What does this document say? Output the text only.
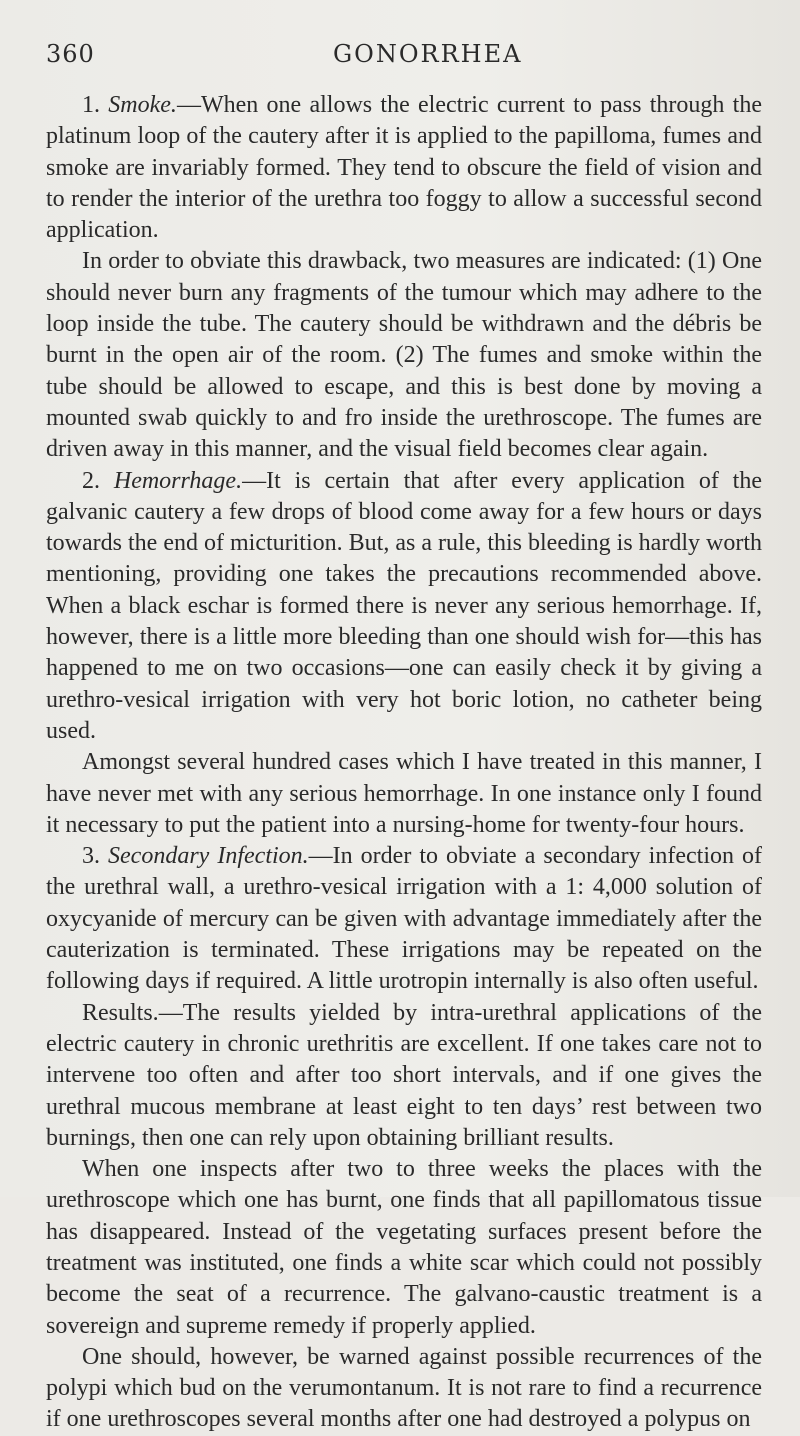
360	GONORRHEA

1. Smoke.—When one allows the electric current to pass through the platinum loop of the cautery after it is applied to the papilloma, fumes and smoke are invariably formed. They tend to obscure the field of vision and to render the interior of the urethra too foggy to allow a successful second application.

In order to obviate this drawback, two measures are indicated: (1) One should never burn any fragments of the tumour which may adhere to the loop inside the tube. The cautery should be withdrawn and the débris be burnt in the open air of the room. (2) The fumes and smoke within the tube should be allowed to escape, and this is best done by moving a mounted swab quickly to and fro inside the urethroscope. The fumes are driven away in this manner, and the visual field becomes clear again.

2. Hemorrhage.—It is certain that after every application of the galvanic cautery a few drops of blood come away for a few hours or days towards the end of micturition. But, as a rule, this bleeding is hardly worth mentioning, providing one takes the precautions recommended above. When a black eschar is formed there is never any serious hemorrhage. If, however, there is a little more bleeding than one should wish for—this has happened to me on two occasions—one can easily check it by giving a urethro-vesical irrigation with very hot boric lotion, no catheter being used.

Amongst several hundred cases which I have treated in this manner, I have never met with any serious hemorrhage. In one instance only I found it necessary to put the patient into a nursing-home for twenty-four hours.

3. Secondary Infection.—In order to obviate a secondary infection of the urethral wall, a urethro-vesical irrigation with a 1: 4,000 solution of oxycyanide of mercury can be given with advantage immediately after the cauterization is terminated. These irrigations may be repeated on the following days if required. A little urotropin internally is also often useful.

Results.—The results yielded by intra-urethral applications of the electric cautery in chronic urethritis are excellent. If one takes care not to intervene too often and after too short intervals, and if one gives the urethral mucous membrane at least eight to ten days’ rest between two burnings, then one can rely upon obtaining brilliant results.

When one inspects after two to three weeks the places with the urethroscope which one has burnt, one finds that all papillomatous tissue has disappeared. Instead of the vegetating surfaces present before the treatment was instituted, one finds a white scar which could not possibly become the seat of a recurrence. The galvano-caustic treatment is a sovereign and supreme remedy if properly applied.

One should, however, be warned against possible recurrences of the polypi which bud on the verumontanum. It is not rare to find a recurrence if one urethroscopes several months after one had destroyed a polypus on
